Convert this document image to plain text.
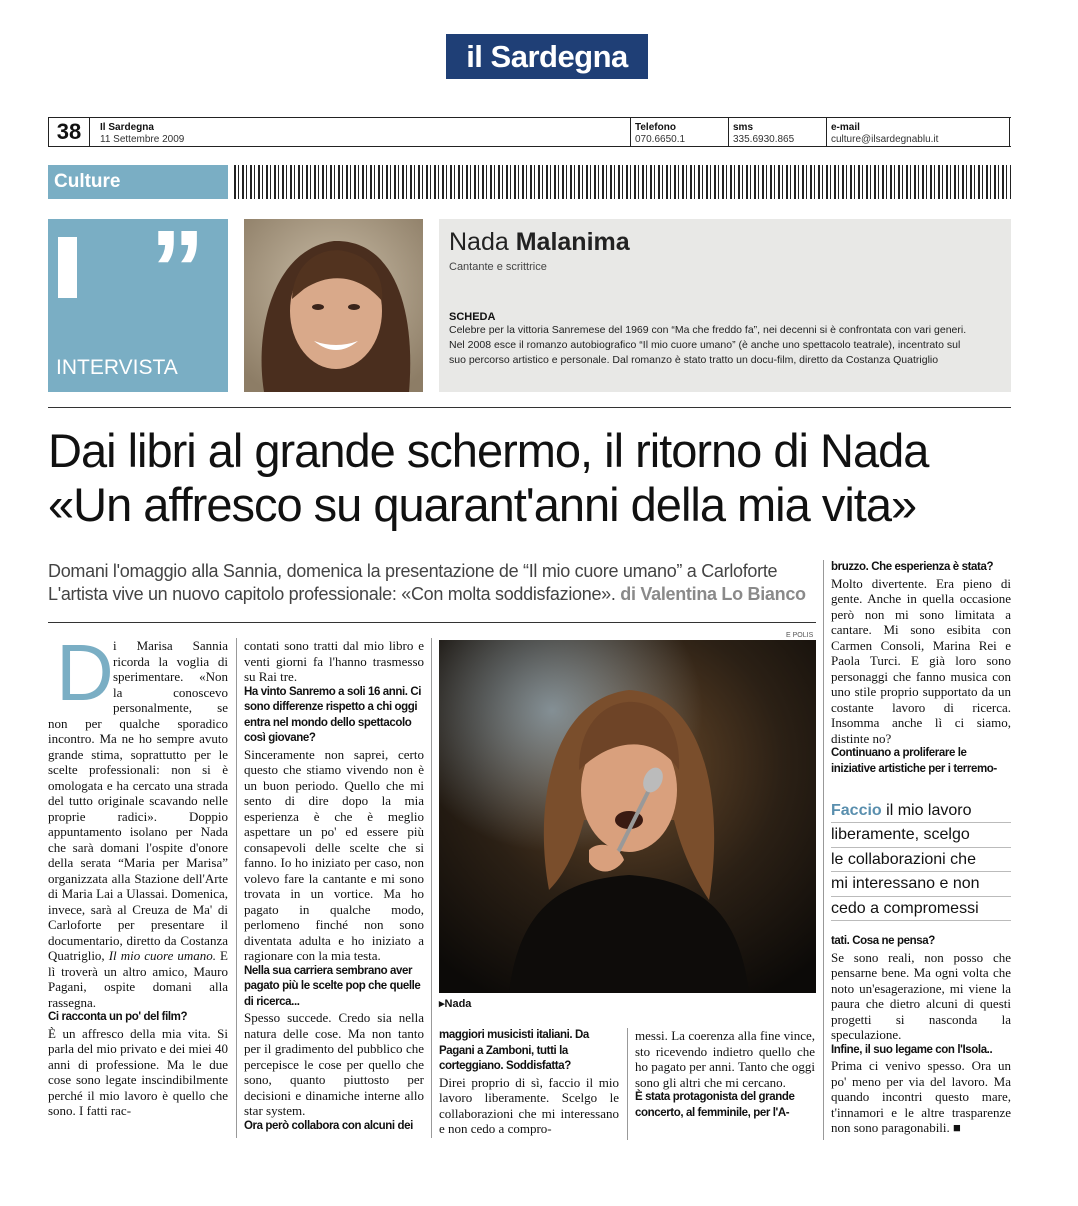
il Sardegna
38	Il Sardegna
11 Settembre 2009
Telefono
070.6650.1
sms
335.6930.865
e-mail
culture@ilsardegnablu.it
Culture
”
INTERVISTA
Nada Malanima
Cantante e scrittrice
SCHEDA
Celebre per la vittoria Sanremese del 1969 con “Ma che freddo fa”, nei decenni si è confrontata con vari generi.
Nel 2008 esce il romanzo autobiografico “Il mio cuore umano” (è anche uno spettacolo teatrale), incentrato sul
suo percorso artistico e personale. Dal romanzo è stato tratto un docu-film, diretto da Costanza Quatriglio
Dai libri al grande schermo, il ritorno di Nada
«Un affresco su quarant'anni della mia vita»
Domani l'omaggio alla Sannia, domenica la presentazione de “Il mio cuore umano” a Carloforte
L'artista vive un nuovo capitolo professionale: «Con molta soddisfazione». di Valentina Lo Bianco
D i Marisa Sannia ricorda la voglia di sperimentare. «Non la conoscevo personalmente, se non per qualche sporadico incontro. Ma ne ho sempre avuto grande stima, soprattutto per le scelte professionali: non si è omologata e ha cercato una strada del tutto originale scavando nelle proprie radici». Doppio appuntamento isolano per Nada che sarà domani l'ospite d'onore della serata “Maria per Marisa” organizzata alla Stazione dell'Arte di Maria Lai a Ulassai. Domenica, invece, sarà al Creuza de Ma' di Carloforte per presentare il documentario, diretto da Costanza Quatriglio, Il mio cuore umano. E lì troverà un altro amico, Mauro Pagani, ospite domani alla rassegna.

Ci racconta un po' del film?

È un affresco della mia vita. Si parla del mio privato e dei miei 40 anni di professione. Ma le due cose sono legate inscindibilmente perché il mio lavoro è quello che sono. I fatti rac-

contati sono tratti dal mio libro e venti giorni fa l'hanno trasmesso su Rai tre.

Ha vinto Sanremo a soli 16 anni. Ci sono differenze rispetto a chi oggi entra nel mondo dello spettacolo così giovane?

Sinceramente non saprei, certo questo che stiamo vivendo non è un buon periodo. Quello che mi sento di dire dopo la mia esperienza è che è meglio aspettare un po' ed essere più consapevoli delle scelte che si fanno. Io ho iniziato per caso, non volevo fare la cantante e mi sono trovata in un vortice. Ma ho pagato in qualche modo, perlomeno finché non sono diventata adulta e ho iniziato a ragionare con la mia testa.

Nella sua carriera sembrano aver pagato più le scelte pop che quelle di ricerca...

Spesso succede. Credo sia nella natura delle cose. Ma non tanto per il gradimento del pubblico che percepisce le cose per quello che sono, quanto piuttosto per decisioni e dinamiche interne allo star system.

Ora però collabora con alcuni dei

E POLIS
▸Nada

maggiori musicisti italiani. Da Pagani a Zamboni, tutti la corteggiano. Soddisfatta?

Direi proprio di sì, faccio il mio lavoro liberamente. Scelgo le collaborazioni che mi interessano e non cedo a compro-

messi. La coerenza alla fine vince, sto ricevendo indietro quello che ho pagato per anni. Tanto che oggi sono gli altri che mi cercano.

È stata protagonista del grande concerto, al femminile, per l'A-

bruzzo. Che esperienza è stata?

Molto divertente. Era pieno di gente. Anche in quella occasione però non mi sono limitata a cantare. Mi sono esibita con Carmen Consoli, Marina Rei e Paola Turci. E già loro sono personaggi che fanno musica con uno stile proprio supportato da un costante lavoro di ricerca. Insomma anche lì ci siamo, distinte no?

Continuano a proliferare le iniziative artistiche per i terremo-

Faccio il mio lavoro
liberamente, scelgo
le collaborazioni che
mi interessano e non
cedo a compromessi

tati. Cosa ne pensa?

Se sono reali, non posso che pensarne bene. Ma ogni volta che noto un'esagerazione, mi viene la paura che dietro alcuni di questi progetti si nasconda la speculazione.

Infine, il suo legame con l'Isola..

Prima ci venivo spesso. Ora un po' meno per via del lavoro. Ma quando incontri questo mare, t'innamori e le altre trasparenze non sono paragonabili. ■
